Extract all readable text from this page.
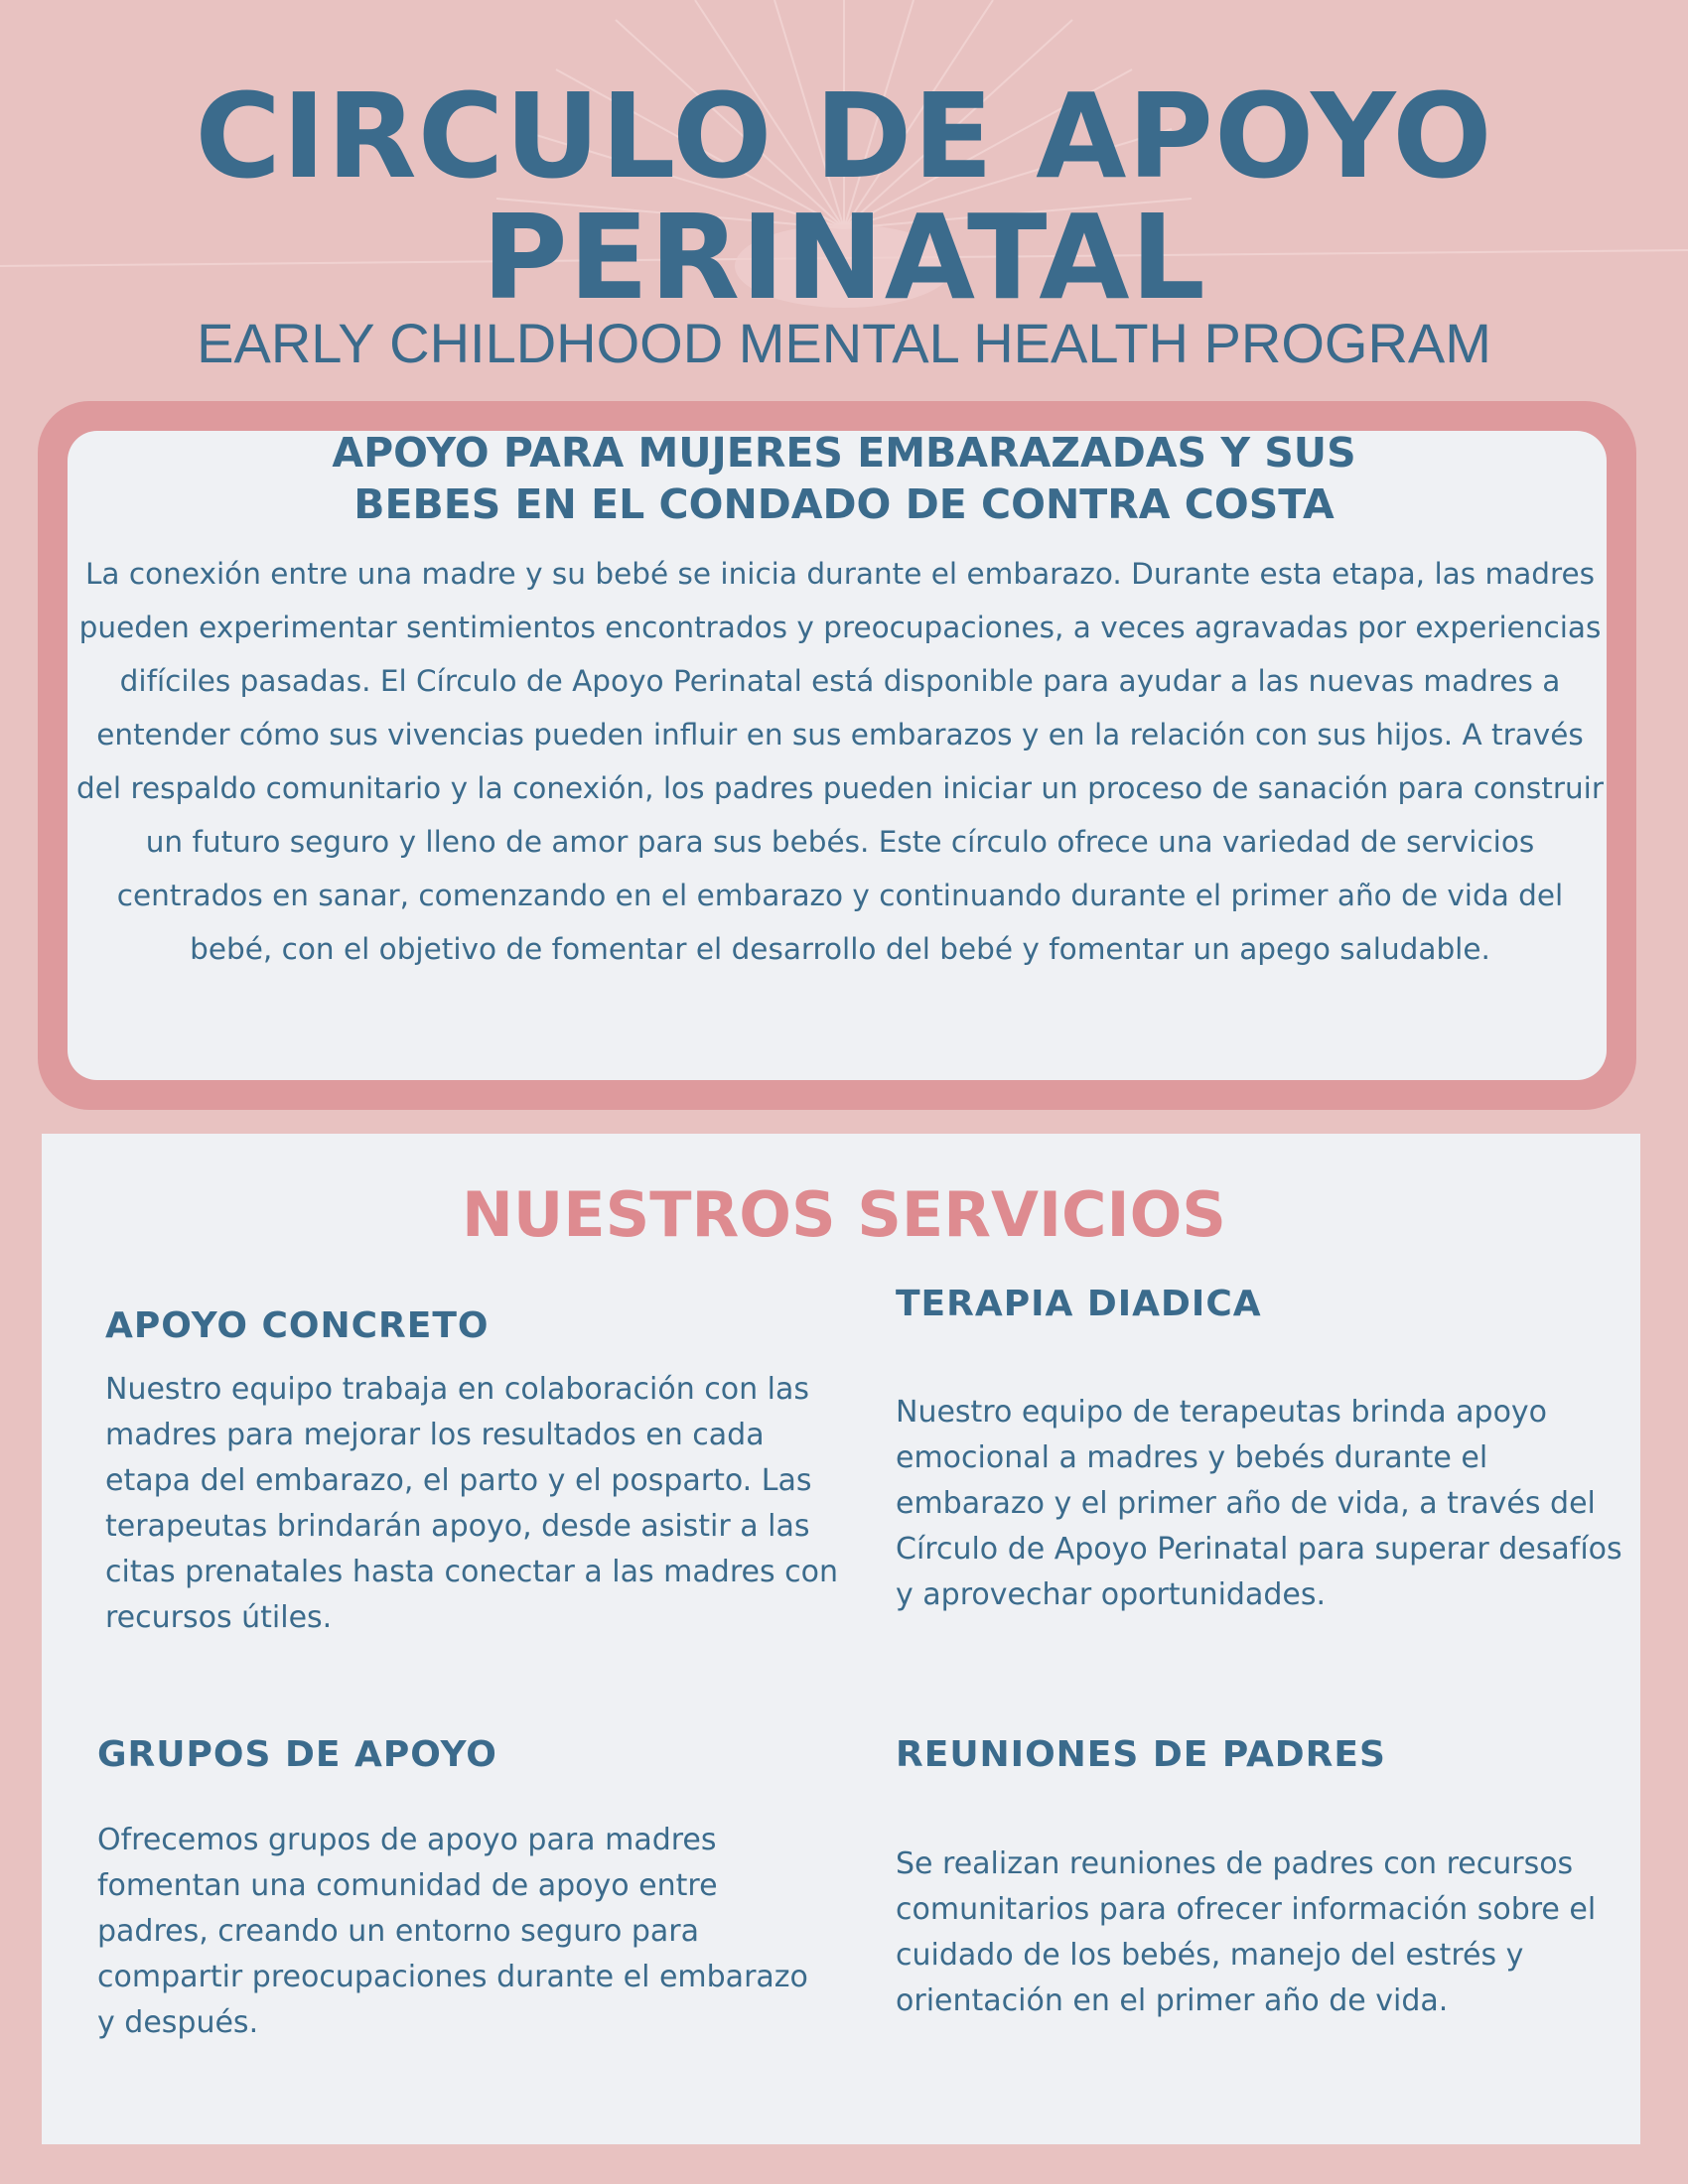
CIRCULO DE APOYO
PERINATAL
EARLY CHILDHOOD MENTAL HEALTH PROGRAM
APOYO PARA MUJERES EMBARAZADAS Y SUS
BEBES EN EL CONDADO DE CONTRA COSTA

La conexión entre una madre y su bebé se inicia durante el embarazo. Durante esta etapa, las madres pueden experimentar sentimientos encontrados y preocupaciones, a veces agravadas por experiencias difíciles pasadas. El Círculo de Apoyo Perinatal está disponible para ayudar a las nuevas madres a entender cómo sus vivencias pueden influir en sus embarazos y en la relación con sus hijos. A través del respaldo comunitario y la conexión, los padres pueden iniciar un proceso de sanación para construir un futuro seguro y lleno de amor para sus bebés. Este círculo ofrece una variedad de servicios centrados en sanar, comenzando en el embarazo y continuando durante el primer año de vida del bebé, con el objetivo de fomentar el desarrollo del bebé y fomentar un apego saludable.

NUESTROS SERVICIOS
APOYO CONCRETO

Nuestro equipo trabaja en colaboración con las madres para mejorar los resultados en cada etapa del embarazo, el parto y el posparto. Las terapeutas brindarán apoyo, desde asistir a las citas prenatales hasta conectar a las madres con recursos útiles.

TERAPIA DIADICA

Nuestro equipo de terapeutas brinda apoyo emocional a madres y bebés durante el embarazo y el primer año de vida, a través del Círculo de Apoyo Perinatal para superar desafíos y aprovechar oportunidades.

GRUPOS DE APOYO

Ofrecemos grupos de apoyo para madres fomentan una comunidad de apoyo entre padres, creando un entorno seguro para compartir preocupaciones durante el embarazo y después.

REUNIONES DE PADRES

Se realizan reuniones de padres con recursos comunitarios para ofrecer información sobre el cuidado de los bebés, manejo del estrés y orientación en el primer año de vida.
